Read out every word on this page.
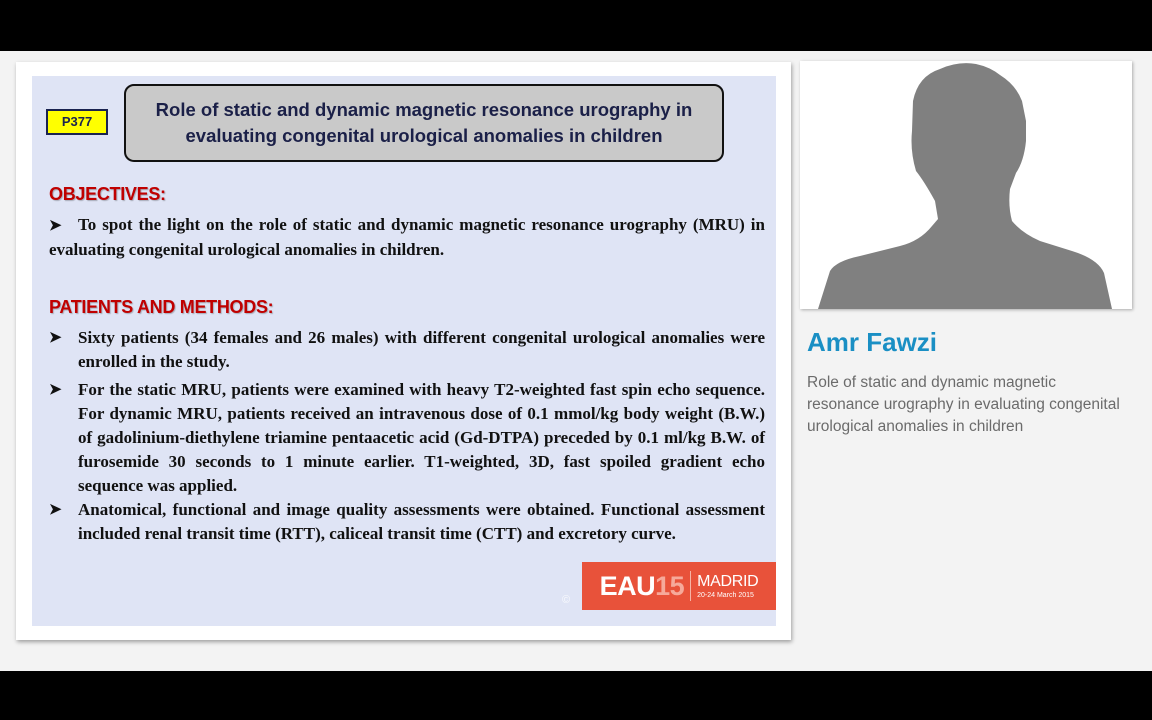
P377
Role of static and dynamic magnetic resonance urography in evaluating congenital urological anomalies in children
OBJECTIVES:
➤ To spot the light on the role of static and dynamic magnetic resonance urography (MRU) in evaluating congenital urological anomalies in children.
PATIENTS AND METHODS:
➤ Sixty patients (34 females and 26 males) with different congenital urological anomalies were enrolled in the study.
➤ For the static MRU, patients were examined with heavy T2-weighted fast spin echo sequence. For dynamic MRU, patients received an intravenous dose of 0.1 mmol/kg body weight (B.W.) of gadolinium-diethylene triamine pentaacetic acid (Gd-DTPA) preceded by 0.1 ml/kg B.W. of furosemide 30 seconds to 1 minute earlier. T1-weighted, 3D, fast spoiled gradient echo sequence was applied.
➤ Anatomical, functional and image quality assessments were obtained. Functional assessment included renal transit time (RTT), caliceal transit time (CTT) and excretory curve.
© EAU15 MADRID
20-24 March 2015
Amr Fawzi
Role of static and dynamic magnetic resonance urography in evaluating congenital urological anomalies in children
